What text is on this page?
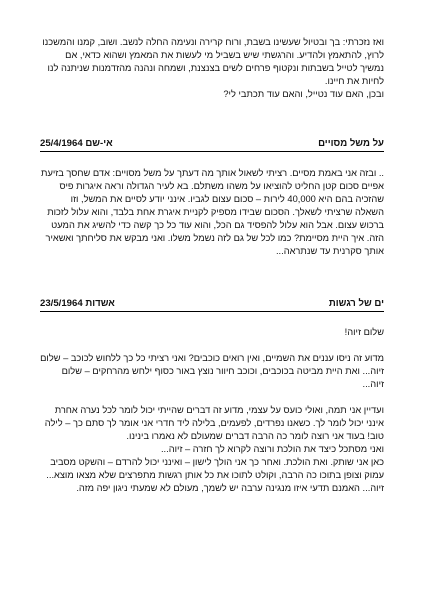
ואז נזכרתי: בך ובטיול שעשינו בשבת, ורוח קרירה ונעימה החלה לנשב. ושוב, קמנו והמשכנו לרוץ, להתאמץ ולהדיע. והרגשתי שיש בשביל מי לעשות את המאמץ ושהוא כדאי, אם נמשיך לטייל בשבתות ונקטוף פרחים לשים בצנצנת, ושמחה ונהנה מהזדמנות שניתנה לנו לחיות את חיינו.
ובכן, האם עוד נטייל, והאם עוד תכתבי לי?

על משל מסויים
25/4/1964 אי-שם

.. ובזה אני באמת מסיים. רציתי לשאול אותך מה דעתך על משל מסויים: אדם שחסך בזיעת אפיים סכום קטן החליט להוציאו על משהו משתלם. בא לעיר הגדולה וראה איגרות פיס שהזכיה בהם היא 40,000 לירות – סכום עצום לגביו. אינני יודע לסיים את המשל, וזו השאלה שרציתי לשאלך. הסכום שבידו מספיק לקניית איגרת אחת בלבד, והוא עלול לזכות ברכוש עצום. אבל הוא עלול להפסיד גם הכל, והוא עוד כל כך קשה כדי להשיג את המעט הזה. איך היית מסיימת? כמו לכל של גם לזה נשמל משלו. ואני מבקש את סליחתך ואשאיר אותך סקרנית עד שנתראה...

ים של רגשות
23/5/1964 אשדות

שלום זיוה!

מדוע זה ניסו עננים את השמיים, ואין רואים כוכבים? ואני רציתי כל כך ללחוש לכוכב – שלום זיוה... ואת היית מביטה בכוכבים, וכוכב חיוור נוצץ באור כסוף ילחש מהרחקים – שלום זיוה...

ועדיין אני תמה, ואולי כועס על עצמי, מדוע זה דברים שהייתי יכול לומר לכל נערה אחרת אינני יכול לומר לך. כשאנו נפרדים, לפעמים, בלילה ליד חדרי אני אומר לך סתם כך – לילה טוב! בעוד אני רוצה לומר כה הרבה דברים שמעולם לא נאמרו בינינו.
ואני מסתכל כיצד את הולכת ורוצה לקרוא לך חזרה – זיוה...
כאן אני שותק. ואת הולכת. ואחר כך אני הולך לישון – ואינני יכול להרדם – והשקט מסביב עמוק וצופן בתוכו כה הרבה, וקולט לתוכו את כל אותן רגשות מתפרצים שלא מצאו מוצא...
זיוה... האמנם תדעי איזו מנגינה ערבה יש לשמך, מעולם לא שמעתי ניגון יפה מזה.
